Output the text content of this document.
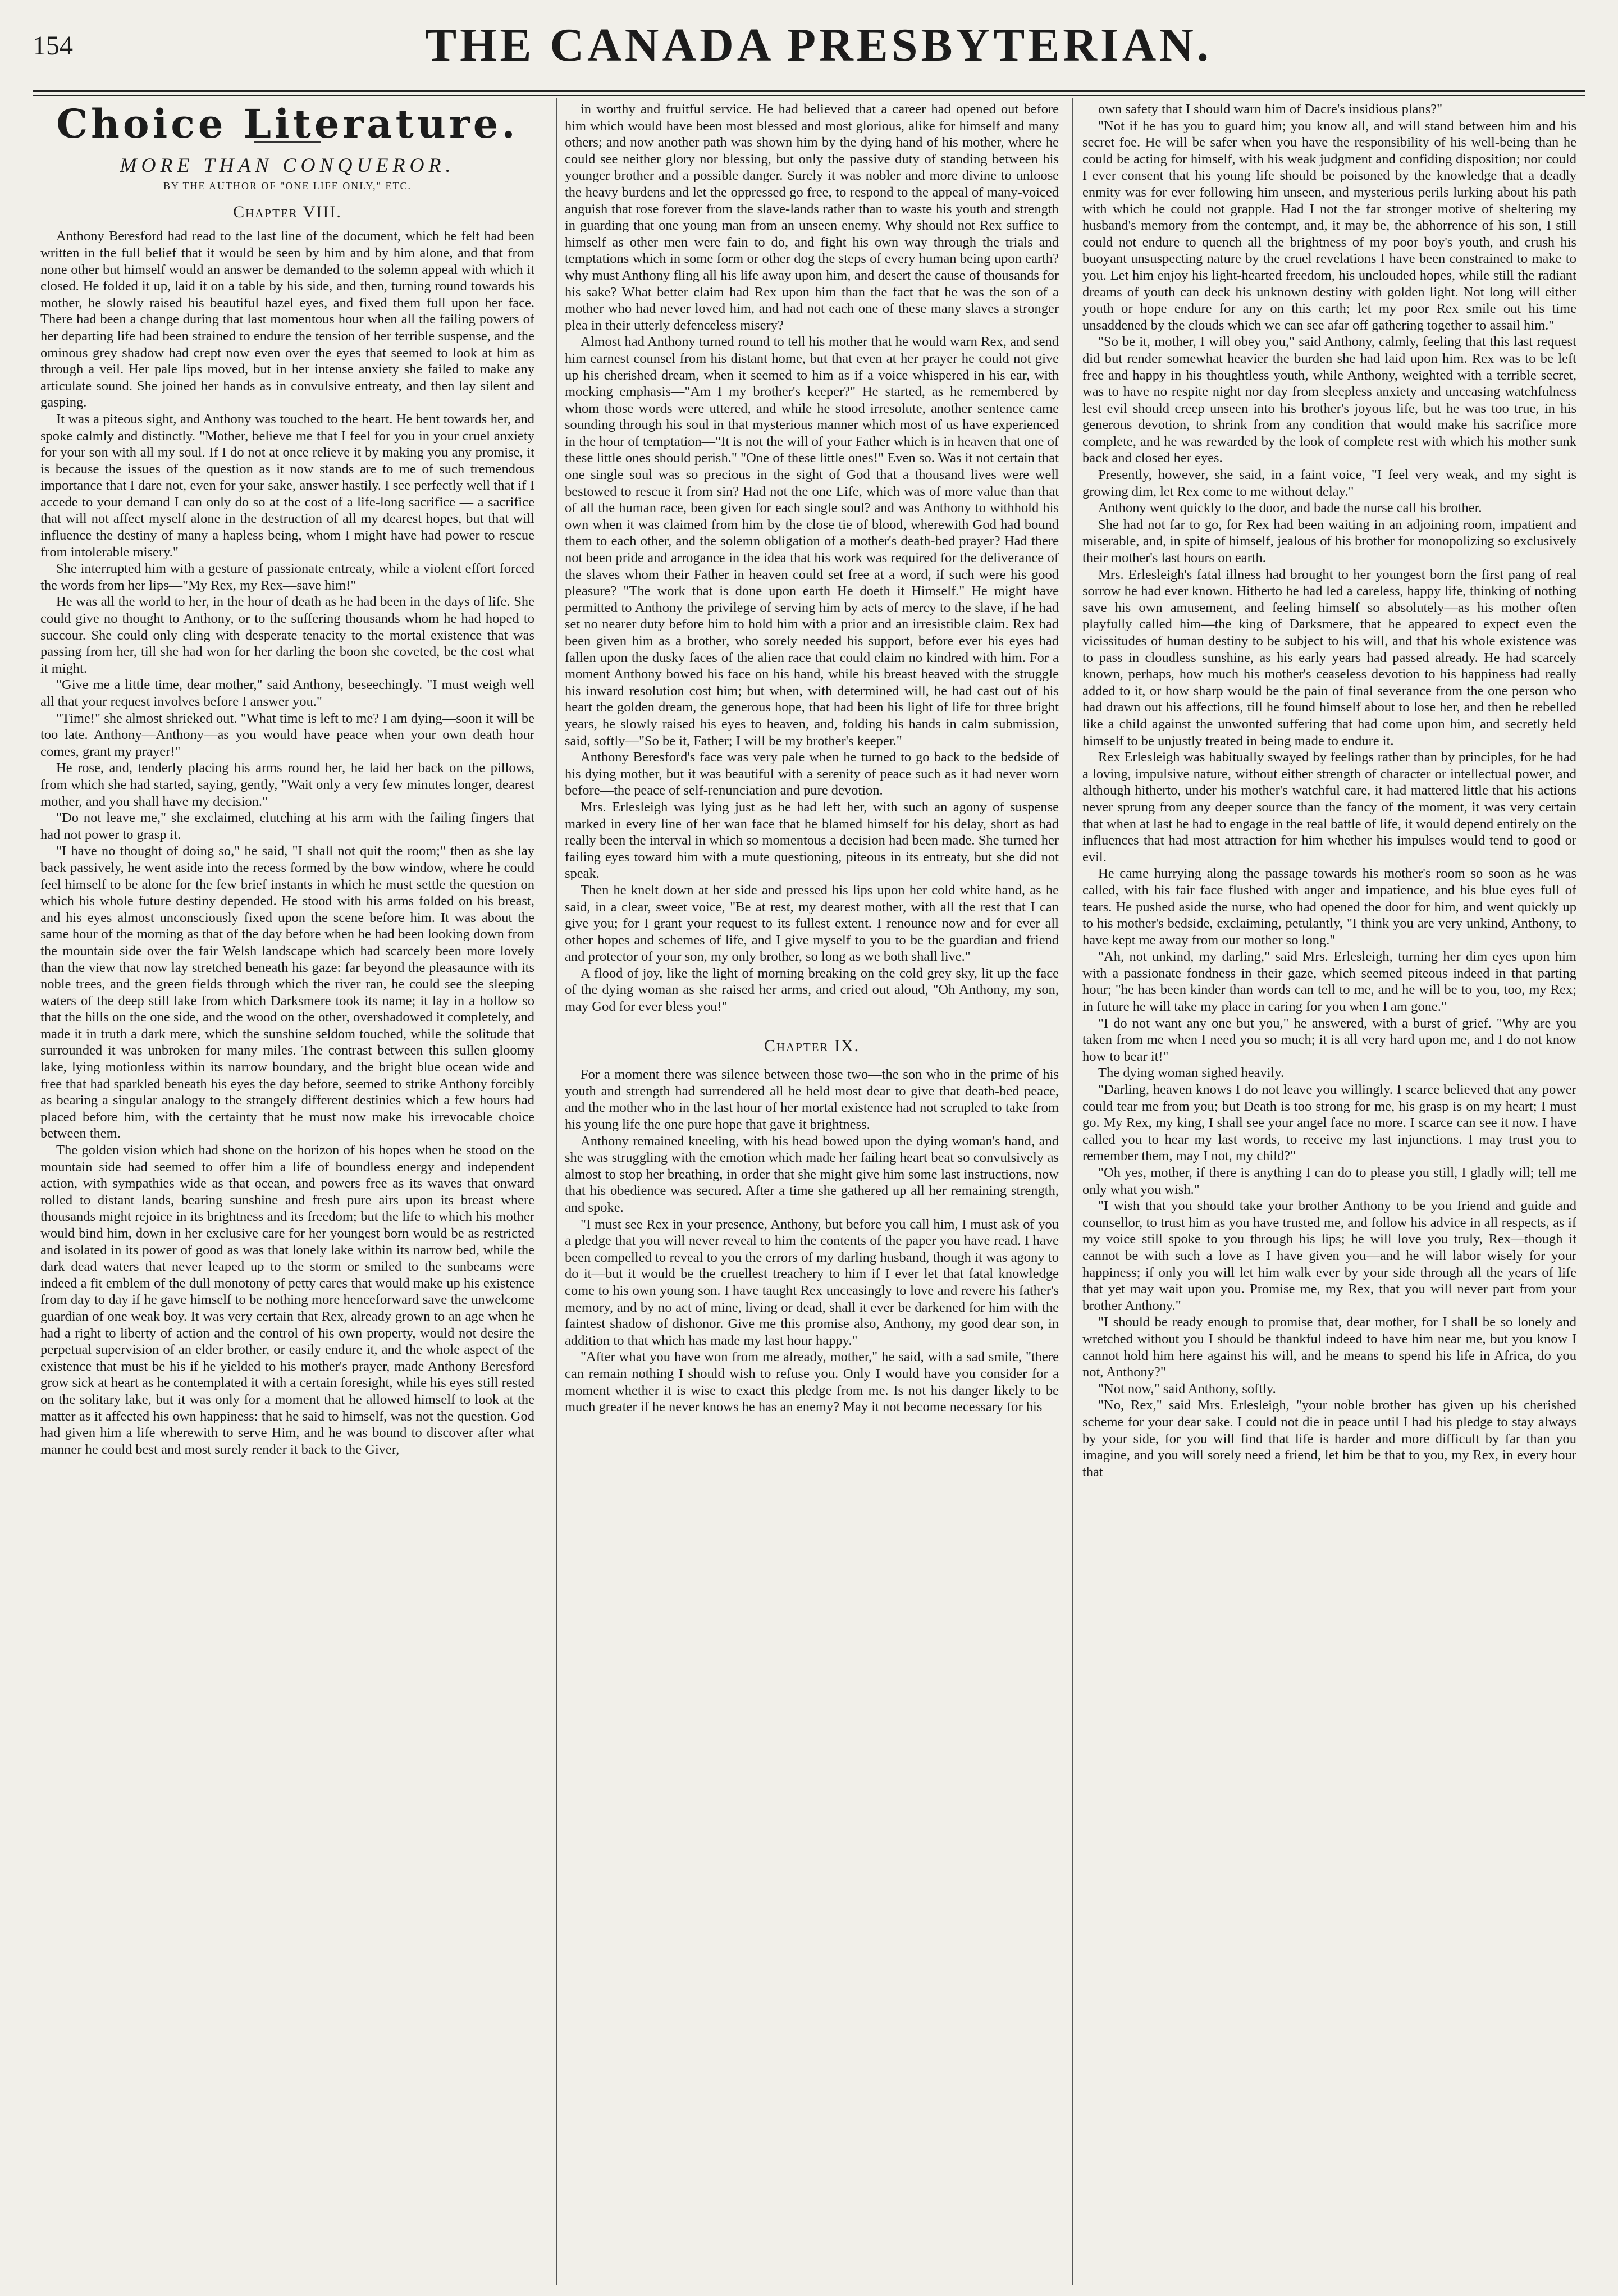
154	THE CANADA PRESBYTERIAN.
Choice Literature.
MORE THAN CONQUEROR.
BY THE AUTHOR OF "ONE LIFE ONLY," ETC.
Chapter VIII.

Anthony Beresford had read to the last line of the document, which he felt had been written in the full belief that it would be seen by him and by him alone, and that from none other but himself would an answer be demanded to the solemn appeal with which it closed. He folded it up, laid it on a table by his side, and then, turning round towards his mother, he slowly raised his beautiful hazel eyes, and fixed them full upon her face. There had been a change during that last momentous hour when all the failing powers of her departing life had been strained to endure the tension of her terrible suspense, and the ominous grey shadow had crept now even over the eyes that seemed to look at him as through a veil. Her pale lips moved, but in her intense anxiety she failed to make any articulate sound. She joined her hands as in convulsive entreaty, and then lay silent and gasping.

It was a piteous sight, and Anthony was touched to the heart. He bent towards her, and spoke calmly and distinctly. "Mother, believe me that I feel for you in your cruel anxiety for your son with all my soul. If I do not at once relieve it by making you any promise, it is because the issues of the question as it now stands are to me of such tremendous importance that I dare not, even for your sake, answer hastily. I see perfectly well that if I accede to your demand I can only do so at the cost of a life-long sacrifice — a sacrifice that will not affect myself alone in the destruction of all my dearest hopes, but that will influence the destiny of many a hapless being, whom I might have had power to rescue from intolerable misery."

She interrupted him with a gesture of passionate entreaty, while a violent effort forced the words from her lips—"My Rex, my Rex—save him!"

He was all the world to her, in the hour of death as he had been in the days of life. She could give no thought to Anthony, or to the suffering thousands whom he had hoped to succour. She could only cling with desperate tenacity to the mortal existence that was passing from her, till she had won for her darling the boon she coveted, be the cost what it might.

"Give me a little time, dear mother," said Anthony, beseechingly. "I must weigh well all that your request involves before I answer you."

"Time!" she almost shrieked out. "What time is left to me? I am dying—soon it will be too late. Anthony—Anthony—as you would have peace when your own death hour comes, grant my prayer!"

He rose, and, tenderly placing his arms round her, he laid her back on the pillows, from which she had started, saying, gently, "Wait only a very few minutes longer, dearest mother, and you shall have my decision."

"Do not leave me," she exclaimed, clutching at his arm with the failing fingers that had not power to grasp it.

"I have no thought of doing so," he said, "I shall not quit the room;" then as she lay back passively, he went aside into the recess formed by the bow window, where he could feel himself to be alone for the few brief instants in which he must settle the question on which his whole future destiny depended. He stood with his arms folded on his breast, and his eyes almost unconsciously fixed upon the scene before him. It was about the same hour of the morning as that of the day before when he had been looking down from the mountain side over the fair Welsh landscape which had scarcely been more lovely than the view that now lay stretched beneath his gaze: far beyond the pleasaunce with its noble trees, and the green fields through which the river ran, he could see the sleeping waters of the deep still lake from which Darksmere took its name; it lay in a hollow so that the hills on the one side, and the wood on the other, overshadowed it completely, and made it in truth a dark mere, which the sunshine seldom touched, while the solitude that surrounded it was unbroken for many miles. The contrast between this sullen gloomy lake, lying motionless within its narrow boundary, and the bright blue ocean wide and free that had sparkled beneath his eyes the day before, seemed to strike Anthony forcibly as bearing a singular analogy to the strangely different destinies which a few hours had placed before him, with the certainty that he must now make his irrevocable choice between them.

The golden vision which had shone on the horizon of his hopes when he stood on the mountain side had seemed to offer him a life of boundless energy and independent action, with sympathies wide as that ocean, and powers free as its waves that onward rolled to distant lands, bearing sunshine and fresh pure airs upon its breast where thousands might rejoice in its brightness and its freedom; but the life to which his mother would bind him, down in her exclusive care for her youngest born would be as restricted and isolated in its power of good as was that lonely lake within its narrow bed, while the dark dead waters that never leaped up to the storm or smiled to the sunbeams were indeed a fit emblem of the dull monotony of petty cares that would make up his existence from day to day if he gave himself to be nothing more henceforward save the unwelcome guardian of one weak boy. It was very certain that Rex, already grown to an age when he had a right to liberty of action and the control of his own property, would not desire the perpetual supervision of an elder brother, or easily endure it, and the whole aspect of the existence that must be his if he yielded to his mother's prayer, made Anthony Beresford grow sick at heart as he contemplated it with a certain foresight, while his eyes still rested on the solitary lake, but it was only for a moment that he allowed himself to look at the matter as it affected his own happiness: that he said to himself, was not the question. God had given him a life wherewith to serve Him, and he was bound to discover after what manner he could best and most surely render it back to the Giver,

in worthy and fruitful service. He had believed that a career had opened out before him which would have been most blessed and most glorious, alike for himself and many others; and now another path was shown him by the dying hand of his mother, where he could see neither glory nor blessing, but only the passive duty of standing between his younger brother and a possible danger. Surely it was nobler and more divine to unloose the heavy burdens and let the oppressed go free, to respond to the appeal of many-voiced anguish that rose forever from the slave-lands rather than to waste his youth and strength in guarding that one young man from an unseen enemy. Why should not Rex suffice to himself as other men were fain to do, and fight his own way through the trials and temptations which in some form or other dog the steps of every human being upon earth? why must Anthony fling all his life away upon him, and desert the cause of thousands for his sake? What better claim had Rex upon him than the fact that he was the son of a mother who had never loved him, and had not each one of these many slaves a stronger plea in their utterly defenceless misery?

Almost had Anthony turned round to tell his mother that he would warn Rex, and send him earnest counsel from his distant home, but that even at her prayer he could not give up his cherished dream, when it seemed to him as if a voice whispered in his ear, with mocking emphasis—"Am I my brother's keeper?" He started, as he remembered by whom those words were uttered, and while he stood irresolute, another sentence came sounding through his soul in that mysterious manner which most of us have experienced in the hour of temptation—"It is not the will of your Father which is in heaven that one of these little ones should perish." "One of these little ones!" Even so. Was it not certain that one single soul was so precious in the sight of God that a thousand lives were well bestowed to rescue it from sin? Had not the one Life, which was of more value than that of all the human race, been given for each single soul? and was Anthony to withhold his own when it was claimed from him by the close tie of blood, wherewith God had bound them to each other, and the solemn obligation of a mother's death-bed prayer? Had there not been pride and arrogance in the idea that his work was required for the deliverance of the slaves whom their Father in heaven could set free at a word, if such were his good pleasure? "The work that is done upon earth He doeth it Himself." He might have permitted to Anthony the privilege of serving him by acts of mercy to the slave, if he had set no nearer duty before him to hold him with a prior and an irresistible claim. Rex had been given him as a brother, who sorely needed his support, before ever his eyes had fallen upon the dusky faces of the alien race that could claim no kindred with him. For a moment Anthony bowed his face on his hand, while his breast heaved with the struggle his inward resolution cost him; but when, with determined will, he had cast out of his heart the golden dream, the generous hope, that had been his light of life for three bright years, he slowly raised his eyes to heaven, and, folding his hands in calm submission, said, softly—"So be it, Father; I will be my brother's keeper."

Anthony Beresford's face was very pale when he turned to go back to the bedside of his dying mother, but it was beautiful with a serenity of peace such as it had never worn before—the peace of self-renunciation and pure devotion.

Mrs. Erlesleigh was lying just as he had left her, with such an agony of suspense marked in every line of her wan face that he blamed himself for his delay, short as had really been the interval in which so momentous a decision had been made. She turned her failing eyes toward him with a mute questioning, piteous in its entreaty, but she did not speak.

Then he knelt down at her side and pressed his lips upon her cold white hand, as he said, in a clear, sweet voice, "Be at rest, my dearest mother, with all the rest that I can give you; for I grant your request to its fullest extent. I renounce now and for ever all other hopes and schemes of life, and I give myself to you to be the guardian and friend and protector of your son, my only brother, so long as we both shall live."

A flood of joy, like the light of morning breaking on the cold grey sky, lit up the face of the dying woman as she raised her arms, and cried out aloud, "Oh Anthony, my son, may God for ever bless you!"

Chapter IX.

For a moment there was silence between those two—the son who in the prime of his youth and strength had surrendered all he held most dear to give that death-bed peace, and the mother who in the last hour of her mortal existence had not scrupled to take from his young life the one pure hope that gave it brightness.

Anthony remained kneeling, with his head bowed upon the dying woman's hand, and she was struggling with the emotion which made her failing heart beat so convulsively as almost to stop her breathing, in order that she might give him some last instructions, now that his obedience was secured. After a time she gathered up all her remaining strength, and spoke.

"I must see Rex in your presence, Anthony, but before you call him, I must ask of you a pledge that you will never reveal to him the contents of the paper you have read. I have been compelled to reveal to you the errors of my darling husband, though it was agony to do it—but it would be the cruellest treachery to him if I ever let that fatal knowledge come to his own young son. I have taught Rex unceasingly to love and revere his father's memory, and by no act of mine, living or dead, shall it ever be darkened for him with the faintest shadow of dishonor. Give me this promise also, Anthony, my good dear son, in addition to that which has made my last hour happy."

"After what you have won from me already, mother," he said, with a sad smile, "there can remain nothing I should wish to refuse you. Only I would have you consider for a moment whether it is wise to exact this pledge from me. Is not his danger likely to be much greater if he never knows he has an enemy? May it not become necessary for his

own safety that I should warn him of Dacre's insidious plans?"

"Not if he has you to guard him; you know all, and will stand between him and his secret foe. He will be safer when you have the responsibility of his well-being than he could be acting for himself, with his weak judgment and confiding disposition; nor could I ever consent that his young life should be poisoned by the knowledge that a deadly enmity was for ever following him unseen, and mysterious perils lurking about his path with which he could not grapple. Had I not the far stronger motive of sheltering my husband's memory from the contempt, and, it may be, the abhorrence of his son, I still could not endure to quench all the brightness of my poor boy's youth, and crush his buoyant unsuspecting nature by the cruel revelations I have been constrained to make to you. Let him enjoy his light-hearted freedom, his unclouded hopes, while still the radiant dreams of youth can deck his unknown destiny with golden light. Not long will either youth or hope endure for any on this earth; let my poor Rex smile out his time unsaddened by the clouds which we can see afar off gathering together to assail him."

"So be it, mother, I will obey you," said Anthony, calmly, feeling that this last request did but render somewhat heavier the burden she had laid upon him. Rex was to be left free and happy in his thoughtless youth, while Anthony, weighted with a terrible secret, was to have no respite night nor day from sleepless anxiety and unceasing watchfulness lest evil should creep unseen into his brother's joyous life, but he was too true, in his generous devotion, to shrink from any condition that would make his sacrifice more complete, and he was rewarded by the look of complete rest with which his mother sunk back and closed her eyes.

Presently, however, she said, in a faint voice, "I feel very weak, and my sight is growing dim, let Rex come to me without delay."

Anthony went quickly to the door, and bade the nurse call his brother.

She had not far to go, for Rex had been waiting in an adjoining room, impatient and miserable, and, in spite of himself, jealous of his brother for monopolizing so exclusively their mother's last hours on earth.

Mrs. Erlesleigh's fatal illness had brought to her youngest born the first pang of real sorrow he had ever known. Hitherto he had led a careless, happy life, thinking of nothing save his own amusement, and feeling himself so absolutely—as his mother often playfully called him—the king of Darksmere, that he appeared to expect even the vicissitudes of human destiny to be subject to his will, and that his whole existence was to pass in cloudless sunshine, as his early years had passed already. He had scarcely known, perhaps, how much his mother's ceaseless devotion to his happiness had really added to it, or how sharp would be the pain of final severance from the one person who had drawn out his affections, till he found himself about to lose her, and then he rebelled like a child against the unwonted suffering that had come upon him, and secretly held himself to be unjustly treated in being made to endure it.

Rex Erlesleigh was habitually swayed by feelings rather than by principles, for he had a loving, impulsive nature, without either strength of character or intellectual power, and although hitherto, under his mother's watchful care, it had mattered little that his actions never sprung from any deeper source than the fancy of the moment, it was very certain that when at last he had to engage in the real battle of life, it would depend entirely on the influences that had most attraction for him whether his impulses would tend to good or evil.

He came hurrying along the passage towards his mother's room so soon as he was called, with his fair face flushed with anger and impatience, and his blue eyes full of tears. He pushed aside the nurse, who had opened the door for him, and went quickly up to his mother's bedside, exclaiming, petulantly, "I think you are very unkind, Anthony, to have kept me away from our mother so long."

"Ah, not unkind, my darling," said Mrs. Erlesleigh, turning her dim eyes upon him with a passionate fondness in their gaze, which seemed piteous indeed in that parting hour; "he has been kinder than words can tell to me, and he will be to you, too, my Rex; in future he will take my place in caring for you when I am gone."

"I do not want any one but you," he answered, with a burst of grief. "Why are you taken from me when I need you so much; it is all very hard upon me, and I do not know how to bear it!"

The dying woman sighed heavily.

"Darling, heaven knows I do not leave you willingly. I scarce believed that any power could tear me from you; but Death is too strong for me, his grasp is on my heart; I must go. My Rex, my king, I shall see your angel face no more. I scarce can see it now. I have called you to hear my last words, to receive my last injunctions. I may trust you to remember them, may I not, my child?"

"Oh yes, mother, if there is anything I can do to please you still, I gladly will; tell me only what you wish."

"I wish that you should take your brother Anthony to be you friend and guide and counsellor, to trust him as you have trusted me, and follow his advice in all respects, as if my voice still spoke to you through his lips; he will love you truly, Rex—though it cannot be with such a love as I have given you—and he will labor wisely for your happiness; if only you will let him walk ever by your side through all the years of life that yet may wait upon you. Promise me, my Rex, that you will never part from your brother Anthony."

"I should be ready enough to promise that, dear mother, for I shall be so lonely and wretched without you I should be thankful indeed to have him near me, but you know I cannot hold him here against his will, and he means to spend his life in Africa, do you not, Anthony?"

"Not now," said Anthony, softly.

"No, Rex," said Mrs. Erlesleigh, "your noble brother has given up his cherished scheme for your dear sake. I could not die in peace until I had his pledge to stay always by your side, for you will find that life is harder and more difficult by far than you imagine, and you will sorely need a friend, let him be that to you, my Rex, in every hour that
